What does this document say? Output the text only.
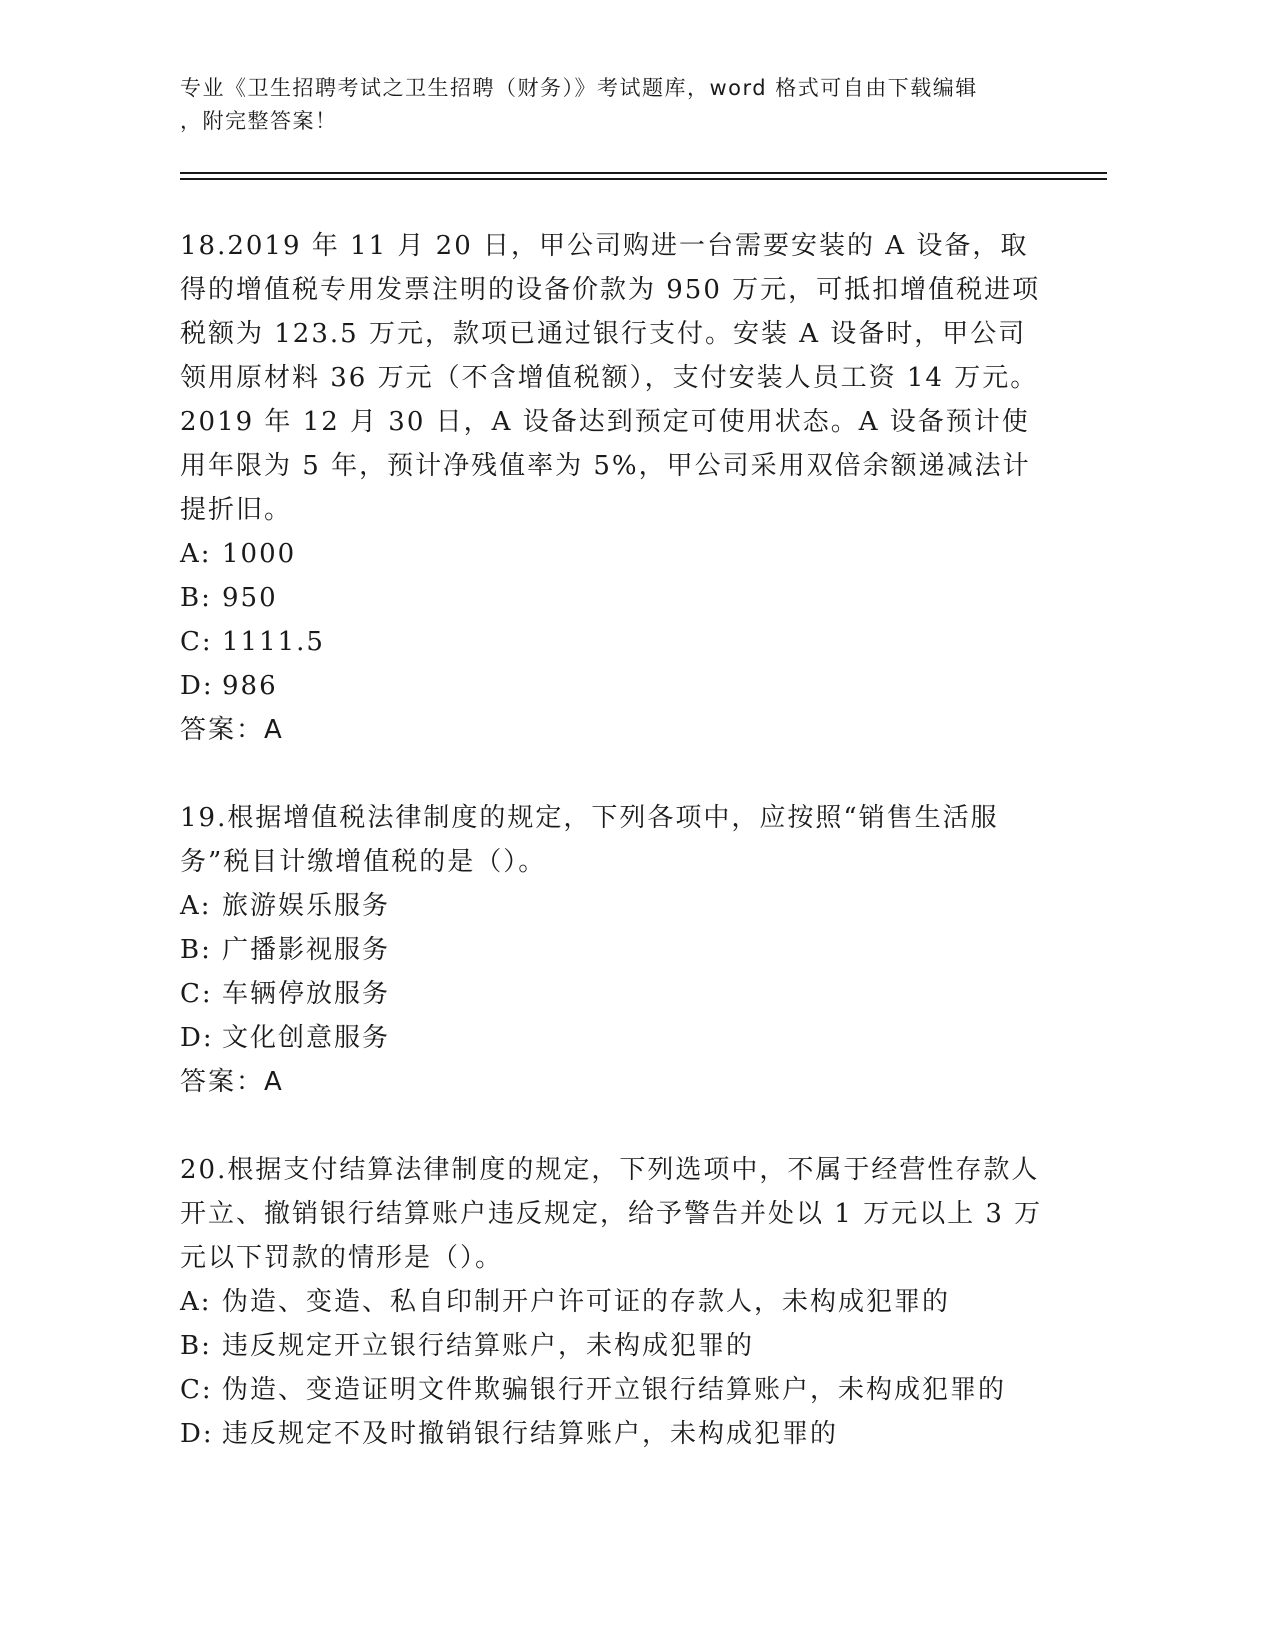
专业《卫生招聘考试之卫生招聘（财务）》考试题库，word 格式可自由下载编辑
，附完整答案！

18.2019 年 11 月 20 日，甲公司购进一台需要安装的 A 设备，取得的增值税专用发票注明的设备价款为 950 万元，可抵扣增值税进项税额为 123.5 万元，款项已通过银行支付。安装 A 设备时，甲公司领用原材料 36 万元（不含增值税额），支付安装人员工资 14 万元。2019 年 12 月 30 日，A 设备达到预定可使用状态。A 设备预计使用年限为 5 年，预计净残值率为 5%，甲公司采用双倍余额递减法计提折旧。

A: 1000
B: 950
C: 1111.5
D: 986

答案：A

19.根据增值税法律制度的规定，下列各项中，应按照“销售生活服务”税目计缴增值税的是（）。

A: 旅游娱乐服务
B: 广播影视服务
C: 车辆停放服务
D: 文化创意服务

答案：A

20.根据支付结算法律制度的规定，下列选项中，不属于经营性存款人开立、撤销银行结算账户违反规定，给予警告并处以 1 万元以上 3 万元以下罚款的情形是（）。

A: 伪造、变造、私自印制开户许可证的存款人，未构成犯罪的
B: 违反规定开立银行结算账户，未构成犯罪的
C: 伪造、变造证明文件欺骗银行开立银行结算账户，未构成犯罪的
D: 违反规定不及时撤销银行结算账户，未构成犯罪的
